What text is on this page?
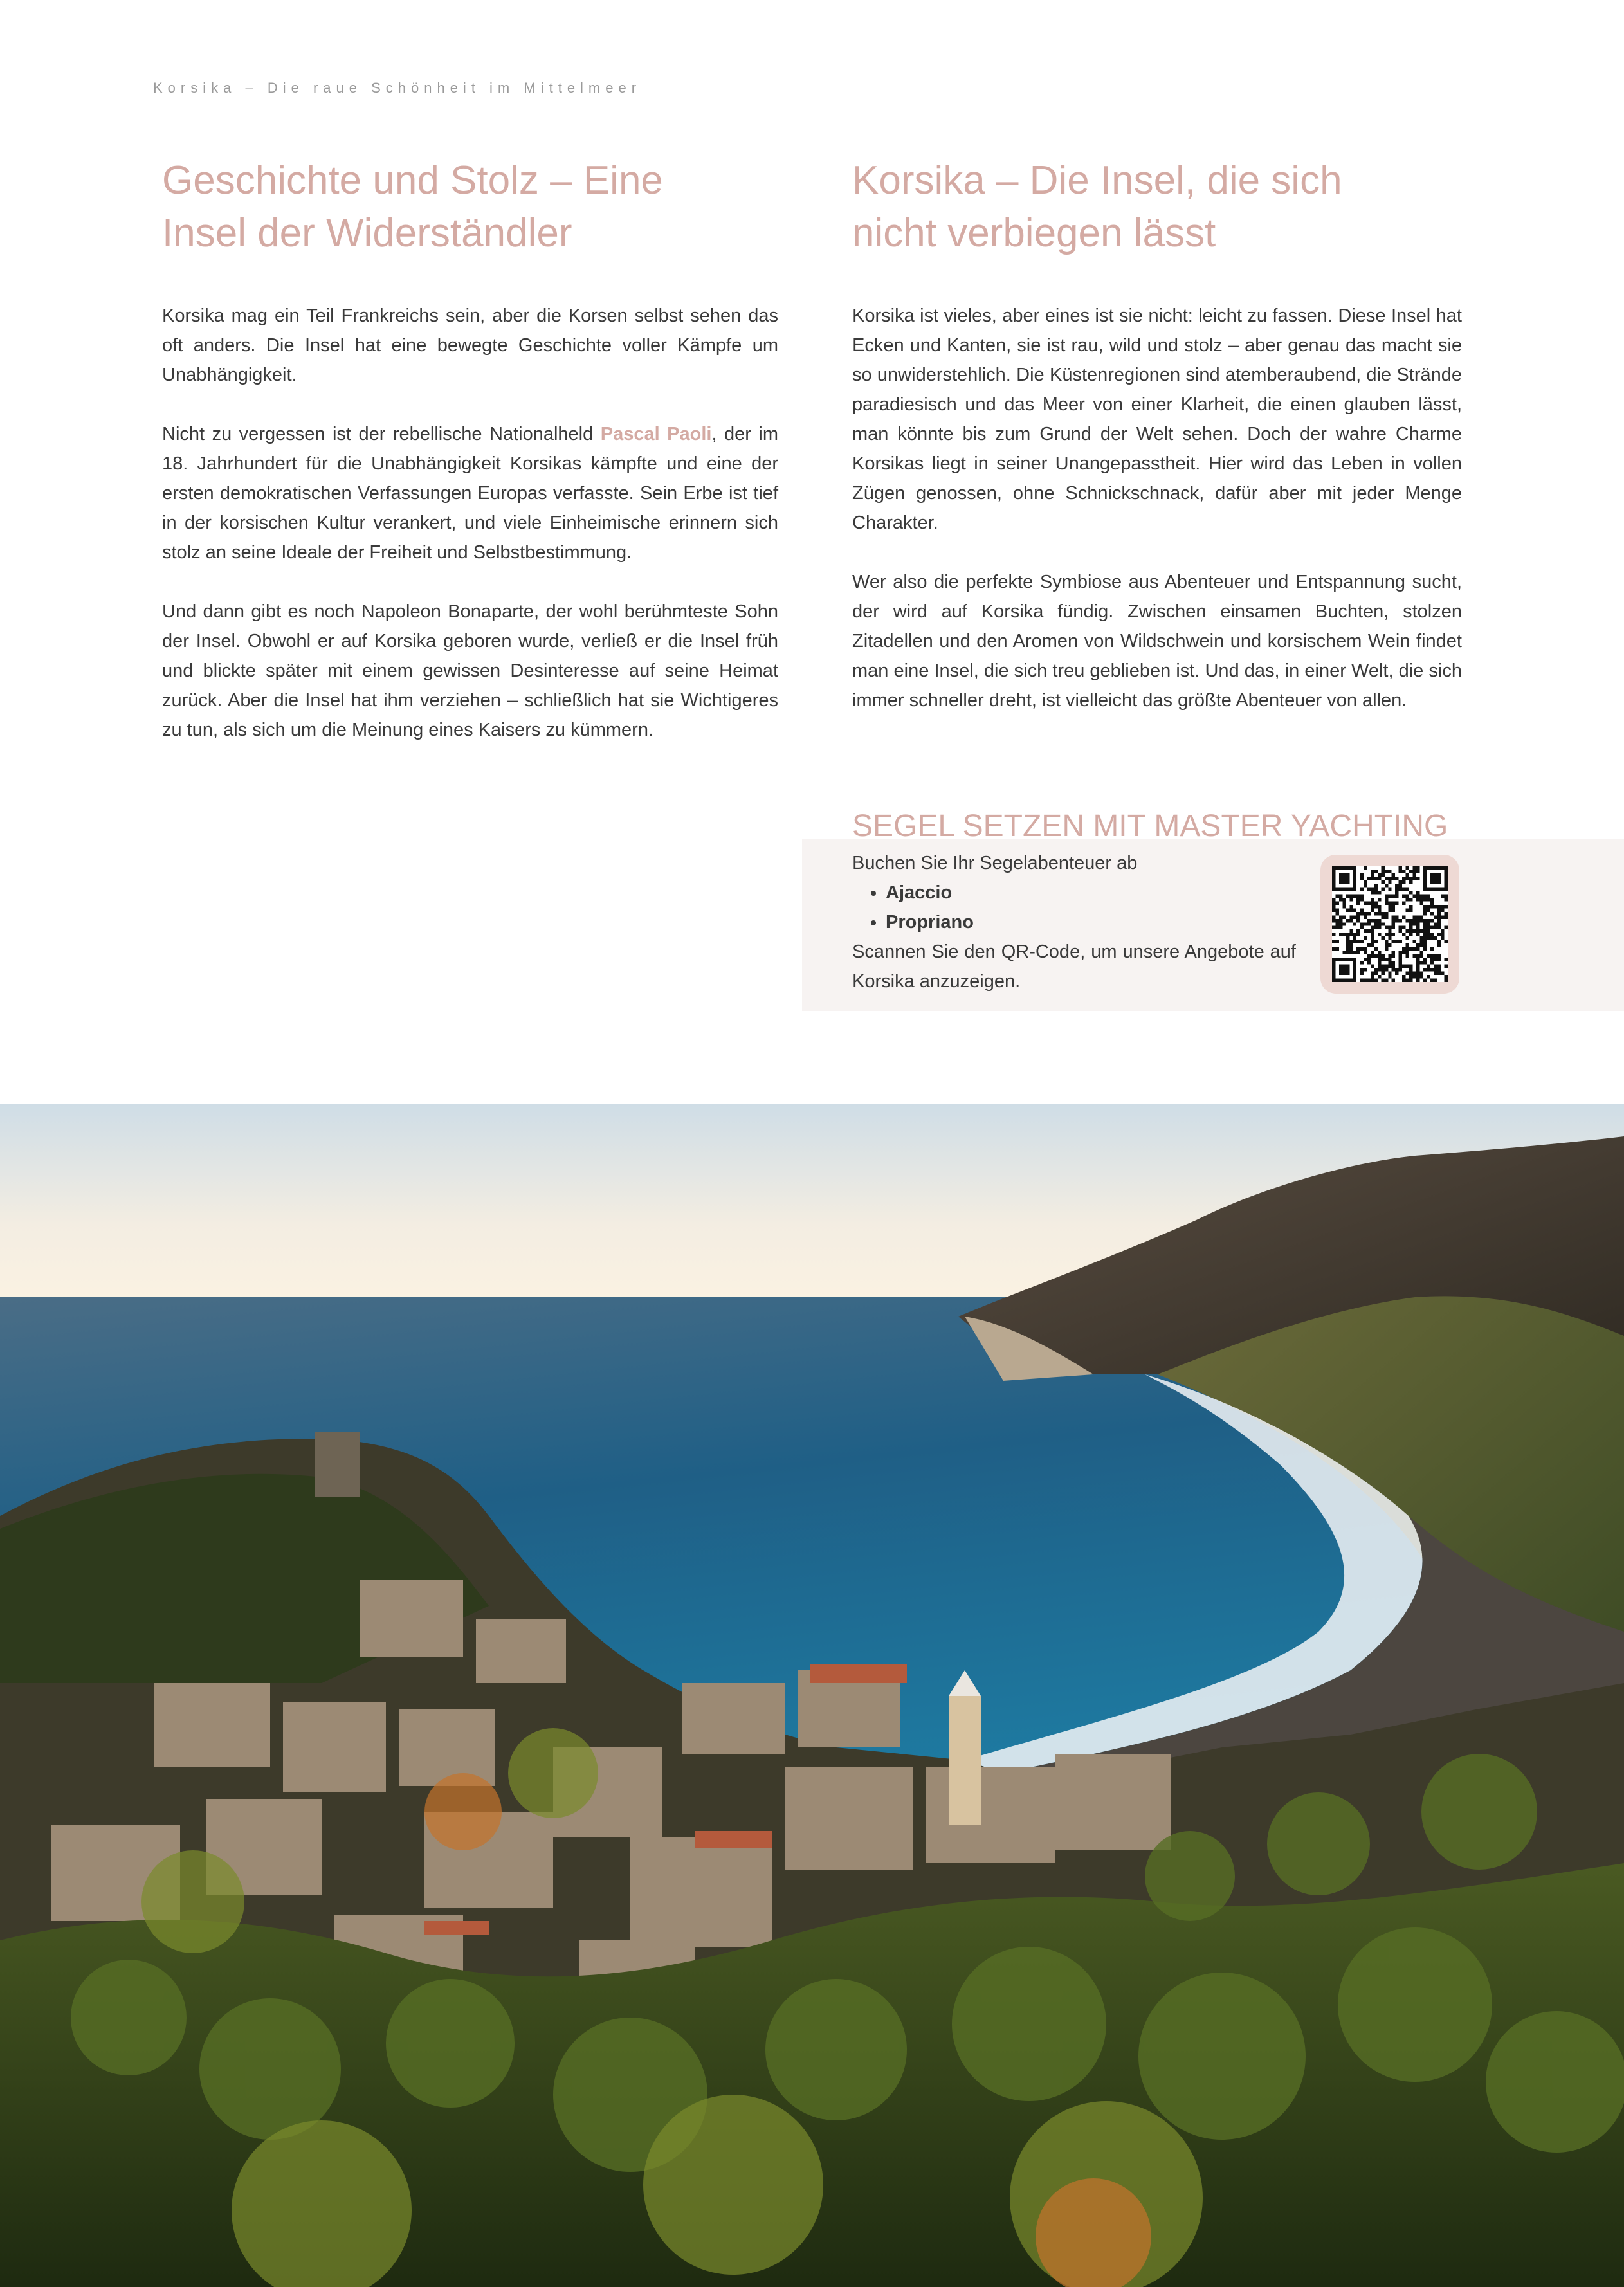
Korsika – Die raue Schönheit im Mittelmeer
Geschichte und Stolz – Eine
Insel der Widerständler

Korsika mag ein Teil Frankreichs sein, aber die Korsen selbst sehen das oft anders. Die Insel hat eine bewegte Geschichte voller Kämpfe um Unabhängigkeit.

Nicht zu vergessen ist der rebellische Nationalheld Pascal Paoli, der im 18. Jahrhundert für die Unabhängigkeit Korsikas kämpfte und eine der ersten demokratischen Verfassungen Europas verfasste. Sein Erbe ist tief in der korsischen Kultur verankert, und viele Einheimische erinnern sich stolz an seine Ideale der Freiheit und Selbstbestimmung.

Und dann gibt es noch Napoleon Bonaparte, der wohl berühmteste Sohn der Insel. Obwohl er auf Korsika geboren wurde, verließ er die Insel früh und blickte später mit einem gewissen Desinteresse auf seine Heimat zurück. Aber die Insel hat ihm verziehen – schließlich hat sie Wichtigeres zu tun, als sich um die Meinung eines Kaisers zu kümmern.

Korsika – Die Insel, die sich
nicht verbiegen lässt

Korsika ist vieles, aber eines ist sie nicht: leicht zu fassen. Diese Insel hat Ecken und Kanten, sie ist rau, wild und stolz – aber genau das macht sie so unwiderstehlich. Die Küstenregionen sind atemberaubend, die Strände paradiesisch und das Meer von einer Klarheit, die einen glauben lässt, man könnte bis zum Grund der Welt sehen. Doch der wahre Charme Korsikas liegt in seiner Unangepasstheit. Hier wird das Leben in vollen Zügen genossen, ohne Schnickschnack, dafür aber mit jeder Menge Charakter.

Wer also die perfekte Symbiose aus Abenteuer und Entspannung sucht, der wird auf Korsika fündig. Zwischen einsamen Buchten, stolzen Zitadellen und den Aromen von Wildschwein und korsischem Wein findet man eine Insel, die sich treu geblieben ist. Und das, in einer Welt, die sich immer schneller dreht, ist vielleicht das größte Abenteuer von allen.

SEGEL SETZEN MIT MASTER YACHTING

Buchen Sie Ihr Segelabenteuer ab

• Ajaccio
• Propriano

Scannen Sie den QR-Code, um unsere Angebote auf Korsika anzuzeigen.
